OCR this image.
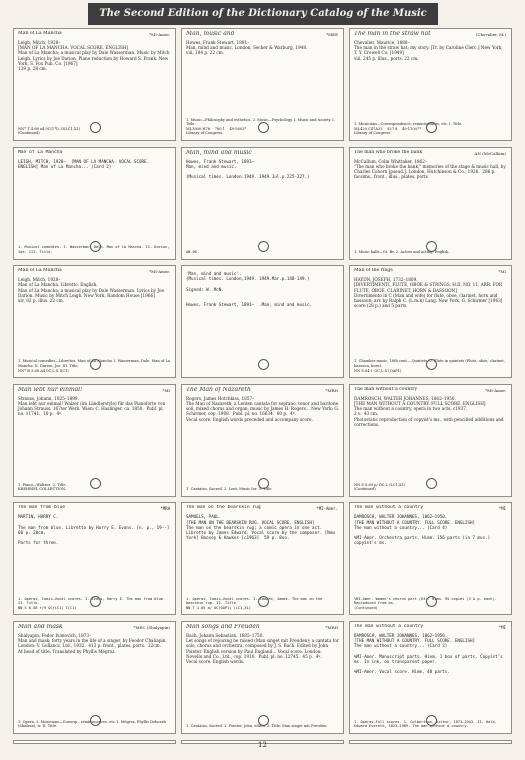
The Second Edition of the Dictionary Catalog of the Music
Man of La Mancha	*MI-Amer.
Leigh, Mitch, 1928–
[MAN OF LA MANCHA. VOCAL SCORE. ENGLISH]
Man of La Mancha; a musical play by Dale Wasserman. Music by Mitch Leigh. Lyrics by Joe Darion. Piano reduction by Howard S. Frank. New York, S. Fox Pub. Co. [1967]
139 p. 28 cm.
NN* T 4.68 a4.0C(1*I), II(LC1,X1)
(Continued)
Man, music and	*MEE
Howes, Frank Stewart, 1891–
Man, mind and music. London, Secker & Warburg, 1948.
viii, 184 p. 22 cm.
1. Music—Philosophy and esthetics. 2. Music—Psychology. I. Music and society. I. Title.
ML3800.H76    780.1    49-5603*
Library of Congress
The man in the straw hat	(Chevalier, M.)
Chevalier, Maurice, 1888–
The man in the straw hat; my story. [Tr. by Caroline Clerc.] New York, T. Y. Crowell Co. [1949]
viii, 245 p. illus., ports. 22 cm.
1. Musicians—Correspondence, reminiscences, etc. I. Title.
ML420.C47A33    927.8    49-11007*
Library of Congress
Man of La Mancha
LEIGH, MITCH, 1928–  [MAN OF LA MANCHA. VOCAL SCORE. ENGLISH] Man of La Mancha... (Card 2)
1. Musical comedies. I. Wasserman, Dale. Man of La Mancha. II. Darion, Joe. III. Title.
Man, mind and music
Howes, Frank Stewart, 1891–
Man, mind and music.

(Musical times. London.1949. 1949.Jul.p.225-227.)
AN-06.
The man who broke the bank	AN (McCallum)
McCallum, Colin Whittaker, 1862–
"The man who broke the bank," memories of the stage & music hall, by Charles Coborn [pseud.]. London, Hutchinson & Co., 1928.  286 p. facsims., front., illus., plates, ports.
1. Music halls—Gt. Br. 2. Actors and acting, English.
Man of La Mancha	*MI-Amer.
Leigh, Mitch, 1928–
Man of La Mancha. Libretto. English.
Man of La Mancha; a musical play by Dale Wasserman. Lyrics by Joe Darion. Music by Mitch Leigh. New York, Random House [1966]
xiv, 82 p. illus. 22 cm.
1. Musical comedies—Librettos. Man of La Mancha. I. Wasserman, Dale. Man of La Mancha. II. Darion, Joe. III. Title.
NN* R 3.68 A4.0C,L,X I(C1)
'Man, mind and music'.
(Musical times. London,1949. 1949.Mar.p.148-149.)

Signed: W. McN.

Howes, Frank Stewart, 1891–  .Man, mind and music.
Man of the rings	*MI
HAYDN, JOSEPH, 1732–1809.
[DIVERTIMENTI, FLUTE, OBOE & STRINGS, H.II, NO. 11, ARR. FOR FLUTE, OBOE, CLARINET, HORN & BASSOON]
Divertimento in C (Man and wife) for flute, oboe, clarinet, horn and bassoon; arr. by Ralph C. (L.m.k) Lang. New York, G. Schirmer [1963]  score (28 p.) and 5 parts.
1. Chamber music, 18th cent.—Quintets. 2. Flute in quintets (Flute, oboe, clarinet, bassoon, horn).
NN S.64.t  OC,L,X (OAP1)
Man lebt nur einmal!	*MI
Strauss, Johann, 1825–1899.
Man lebt nur einmal! Walzer (im Ländlerstyle) für das Pianoforte von Johann Strauss. 167ter Werk. Wien: C. Haslinger, ca. 1850.  Publ. pl. no. 11741.  10 p.  4º.
1. Piano—Waltzes. 2. Title.
KREHBIEL COLLECTION.
The Man of Nazareth	*MRH
Rogers, James Hotchkiss, 1857–
The Man of Nazareth; a Lenten cantata for soprano, tenor and baritone soli, mixed chorus and organ, music by James H. Rogers... New York: G. Schirmer, cop. 1908.  Publ. pl. no. 16634.  60 p.  4º.
Vocal score. English words preceded and accompany score.
1. Cantatas, Sacred. 2. Lent, Music for. 3. Title.
The man without a country	*MI-Amer.
DAMROSCH, WALTER JOHANNES, 1862–1950.
[THE MAN WITHOUT A COUNTRY. FULL SCORE. ENGLISH]
The man without a country, opera in two acts, c1937.
2 v.  43 cm.
Photostatic reproduction of copyist's ms., with pencilled additions and corrections.
NN S 8.69 p/ OC,L (LC1,X1)
(Continued)
The man from blue	*MRH
MARTIN, HARRY C.

The man from blue. Libretto by Harry E. Evans. [n. p., 19--]  60 p. 28cm.

Parts for three.
1. Operas, Comic—Vocal scores. I. Evans, Harry E. The man from blue. II. Title.
NN S 6.58 r/9 OC(LC1) I(C1)
The man on the bearskin rug	*MI-Amer.
SAMUELS, PAUL.
[THE MAN ON THE BEARSKIN RUG. VOCAL SCORE. ENGLISH]
The man on the bearskin rug; a comic opera in one act. Libretto by James Edward. Vocal score by the composer. [New York] Boosey & Hawkes [c1963]  59 p. 8vo.
1. Operas, Comic—Vocal scores. I. Edward, James. The man on the bearskin rug. II. Title.
NN T 1.65 a/ OC(OAP1) (LC1,X1)
The man without a country	*MI
DAMROSCH, WALTER JOHANNES, 1862–1950.
[THE MAN WITHOUT A COUNTRY. FULL SCORE. ENGLISH]
The man without a country... (Card 4)

%MI-Amer. Orchestra parts. Hiem. 156 parts (in 7 mus.) copyist's ms.
%MI-Amer. Women's chorus part (E4). Hiem. 95 copies (3 & p. each). Reproduced from ms.
(Continued)
Man and mask	*MEC (Shalyapin)
Shalyapin, Fedor Ivanovich, 1873–
Man and mask; forty years in the life of a singer, by Feodor Chaliapin. London: V. Gollancz, Ltd., 1932.  413 p. front., plates, ports.  22cm.
At head of title: Translated by Phyllis Mégroz.
1. Opera. 2. Musicians—Corresp., reminiscences, etc. I. Mégroz, Phyllis Deborah (Shafran), tr. II. Title.
Man songs and Freuden	*MRH
Bach, Johann Sebastian, 1685–1750.
Let songs of rejoicing be raised (Man singet mit Freuden); a cantata for solo, chorus and orchestra, composed by J. S. Bach. Edited by John Pointer. English version by Paul England... Vocal score. London: Novello and Co., Ltd., cop. 1910.  Publ. pl. no. 12745.  45 p.  4º.
Vocal score. English words.
1. Cantatas, Sacred. 2. Pointer, John, editor. 3. Title: Man singet mit Freuden.
The man without a country	*MI
DAMROSCH, WALTER JOHANNES, 1862–1950.
[THE MAN WITHOUT A COUNTRY. FULL SCORE. ENGLISH]
The man without a country... (Card 3)

%MI-Amer. Manuscript parts. Hiem. 1 box of parts. Copyist's ms. In ink, on transparent paper.

%MI-Amer. Vocal score. Hiem. 48 parts.
1. Operas—Full scores. 1. Colbertson, Arthur, 1871–1943. II. Hale, Edward Everett, 1822–1909. The man without a country.
12
